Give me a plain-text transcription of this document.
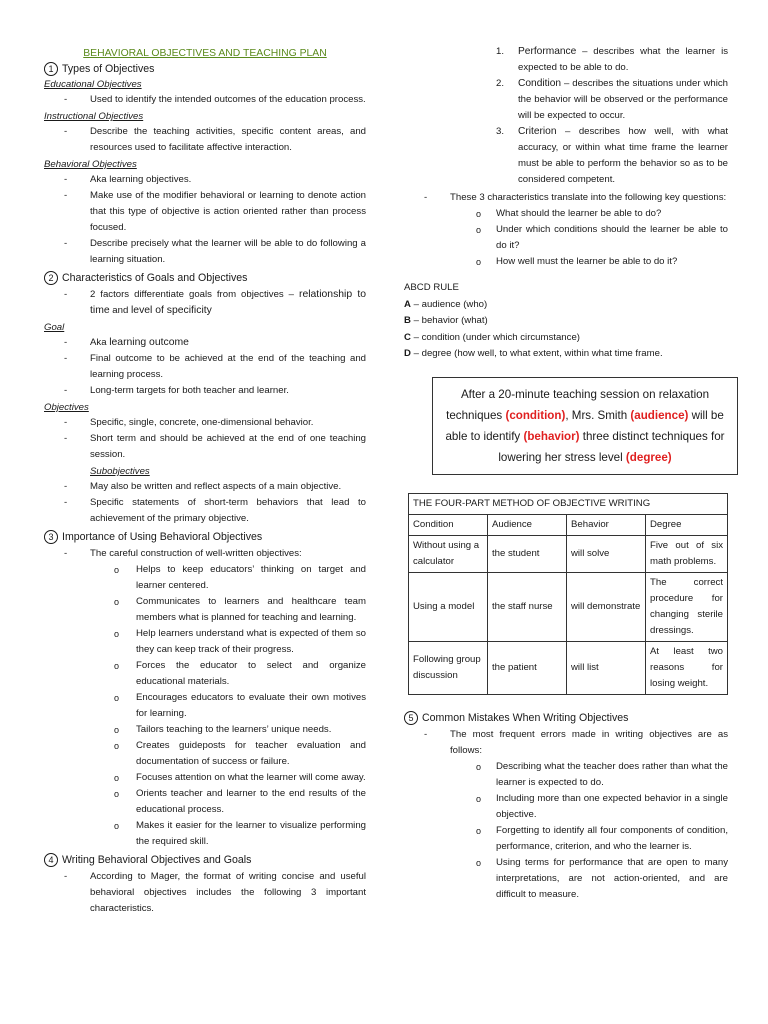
BEHAVIORAL OBJECTIVES AND TEACHING PLAN
1 Types of Objectives
Educational Objectives
- Used to identify the intended outcomes of the education process.
Instructional Objectives
- Describe the teaching activities, specific content areas, and resources used to facilitate affective interaction.
Behavioral Objectives
- Aka learning objectives.
- Make use of the modifier behavioral or learning to denote action that this type of objective is action oriented rather than process focused.
- Describe precisely what the learner will be able to do following a learning situation.
2 Characteristics of Goals and Objectives
- 2 factors differentiate goals from objectives – relationship to time and level of specificity
Goal
- Aka learning outcome
- Final outcome to be achieved at the end of the teaching and learning process.
- Long-term targets for both teacher and learner.
Objectives
- Specific, single, concrete, one-dimensional behavior.
- Short term and should be achieved at the end of one teaching session.
Subobjectives
- May also be written and reflect aspects of a main objective.
- Specific statements of short-term behaviors that lead to achievement of the primary objective.
3 Importance of Using Behavioral Objectives
- The careful construction of well-written objectives:
o Helps to keep educators’ thinking on target and learner centered.
o Communicates to learners and healthcare team members what is planned for teaching and learning.
o Help learners understand what is expected of them so they can keep track of their progress.
o Forces the educator to select and organize educational materials.
o Encourages educators to evaluate their own motives for learning.
o Tailors teaching to the learners’ unique needs.
o Creates guideposts for teacher evaluation and documentation of success or failure.
o Focuses attention on what the learner will come away.
o Orients teacher and learner to the end results of the educational process.
o Makes it easier for the learner to visualize performing the required skill.
4 Writing Behavioral Objectives and Goals
- According to Mager, the format of writing concise and useful behavioral objectives includes the following 3 important characteristics.
1. Performance – describes what the learner is expected to be able to do.
2. Condition – describes the situations under which the behavior will be observed or the performance will be expected to occur.
3. Criterion – describes how well, with what accuracy, or within what time frame the learner must be able to perform the behavior so as to be considered competent.
- These 3 characteristics translate into the following key questions:
o What should the learner be able to do?
o Under which conditions should the learner be able to do it?
o How well must the learner be able to do it?
ABCD RULE
A – audience (who)
B – behavior (what)
C – condition (under which circumstance)
D – degree (how well, to what extent, within what time frame.
After a 20-minute teaching session on relaxation techniques (condition), Mrs. Smith (audience) will be able to identify (behavior) three distinct techniques for lowering her stress level (degree)
THE FOUR-PART METHOD OF OBJECTIVE WRITING			
Condition	Audience	Behavior	Degree
Without using a calculator	the student	will solve	Five out of six math problems.
Using a model	the staff nurse	will demonstrate	The correct procedure for changing sterile dressings.
Following group discussion	the patient	will list	At least two reasons for losing weight.
5 Common Mistakes When Writing Objectives
- The most frequent errors made in writing objectives are as follows:
o Describing what the teacher does rather than what the learner is expected to do.
o Including more than one expected behavior in a single objective.
o Forgetting to identify all four components of condition, performance, criterion, and who the learner is.
o Using terms for performance that are open to many interpretations, are not action-oriented, and are difficult to measure.
